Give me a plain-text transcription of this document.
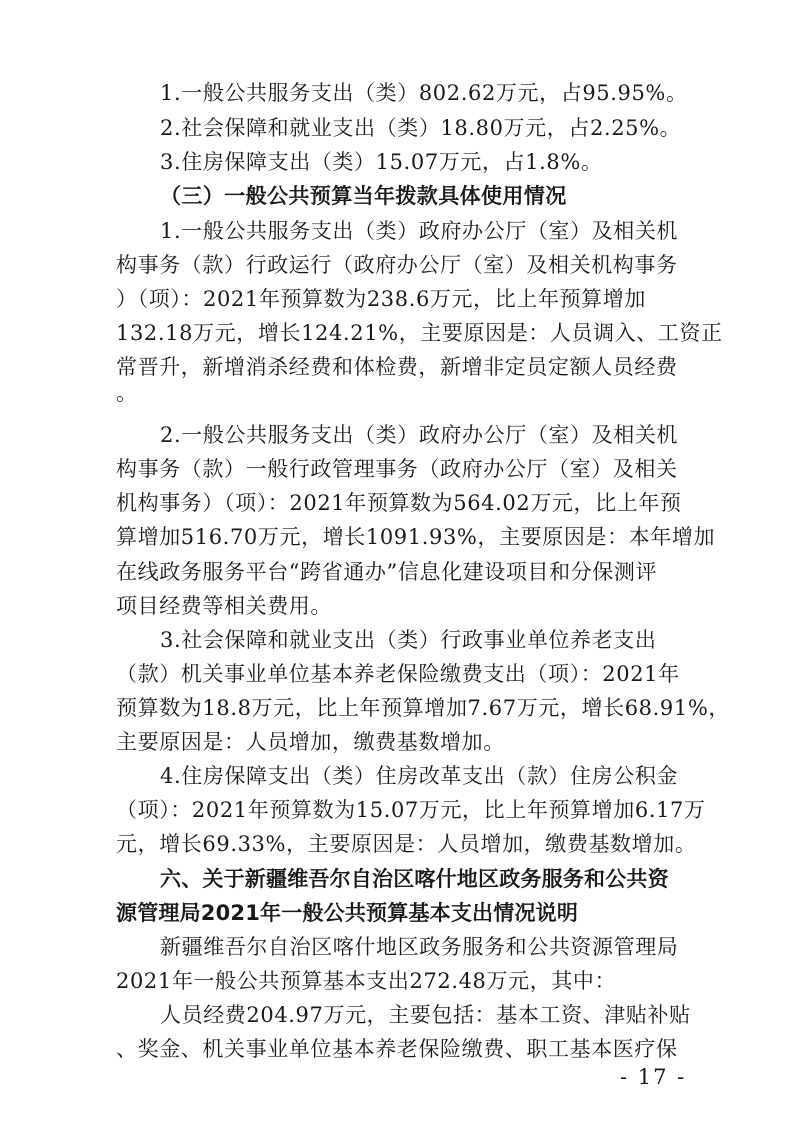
1.一般公共服务支出（类）802.62万元，占95.95%。
2.社会保障和就业支出（类）18.80万元，占2.25%。
3.住房保障支出（类）15.07万元，占1.8%。
（三）一般公共预算当年拨款具体使用情况
1.一般公共服务支出（类）政府办公厅（室）及相关机
构事务（款）行政运行（政府办公厅（室）及相关机构事务
）（项）：2021年预算数为238.6万元，比上年预算增加
132.18万元，增长124.21%，主要原因是：人员调入、工资正
常晋升，新增消杀经费和体检费，新增非定员定额人员经费
。
2.一般公共服务支出（类）政府办公厅（室）及相关机
构事务（款）一般行政管理事务（政府办公厅（室）及相关
机构事务）（项）：2021年预算数为564.02万元，比上年预
算增加516.70万元，增长1091.93%，主要原因是：本年增加
在线政务服务平台“跨省通办”信息化建设项目和分保测评
项目经费等相关费用。
3.社会保障和就业支出（类）行政事业单位养老支出
（款）机关事业单位基本养老保险缴费支出（项）：2021年
预算数为18.8万元，比上年预算增加7.67万元，增长68.91%，
主要原因是：人员增加，缴费基数增加。
4.住房保障支出（类）住房改革支出（款）住房公积金
（项）：2021年预算数为15.07万元，比上年预算增加6.17万
元，增长69.33%，主要原因是：人员增加，缴费基数增加。
六、关于新疆维吾尔自治区喀什地区政务服务和公共资
源管理局2021年一般公共预算基本支出情况说明
新疆维吾尔自治区喀什地区政务服务和公共资源管理局
2021年一般公共预算基本支出272.48万元，其中：
人员经费204.97万元，主要包括：基本工资、津贴补贴
、奖金、机关事业单位基本养老保险缴费、职工基本医疗保
- 17 -
